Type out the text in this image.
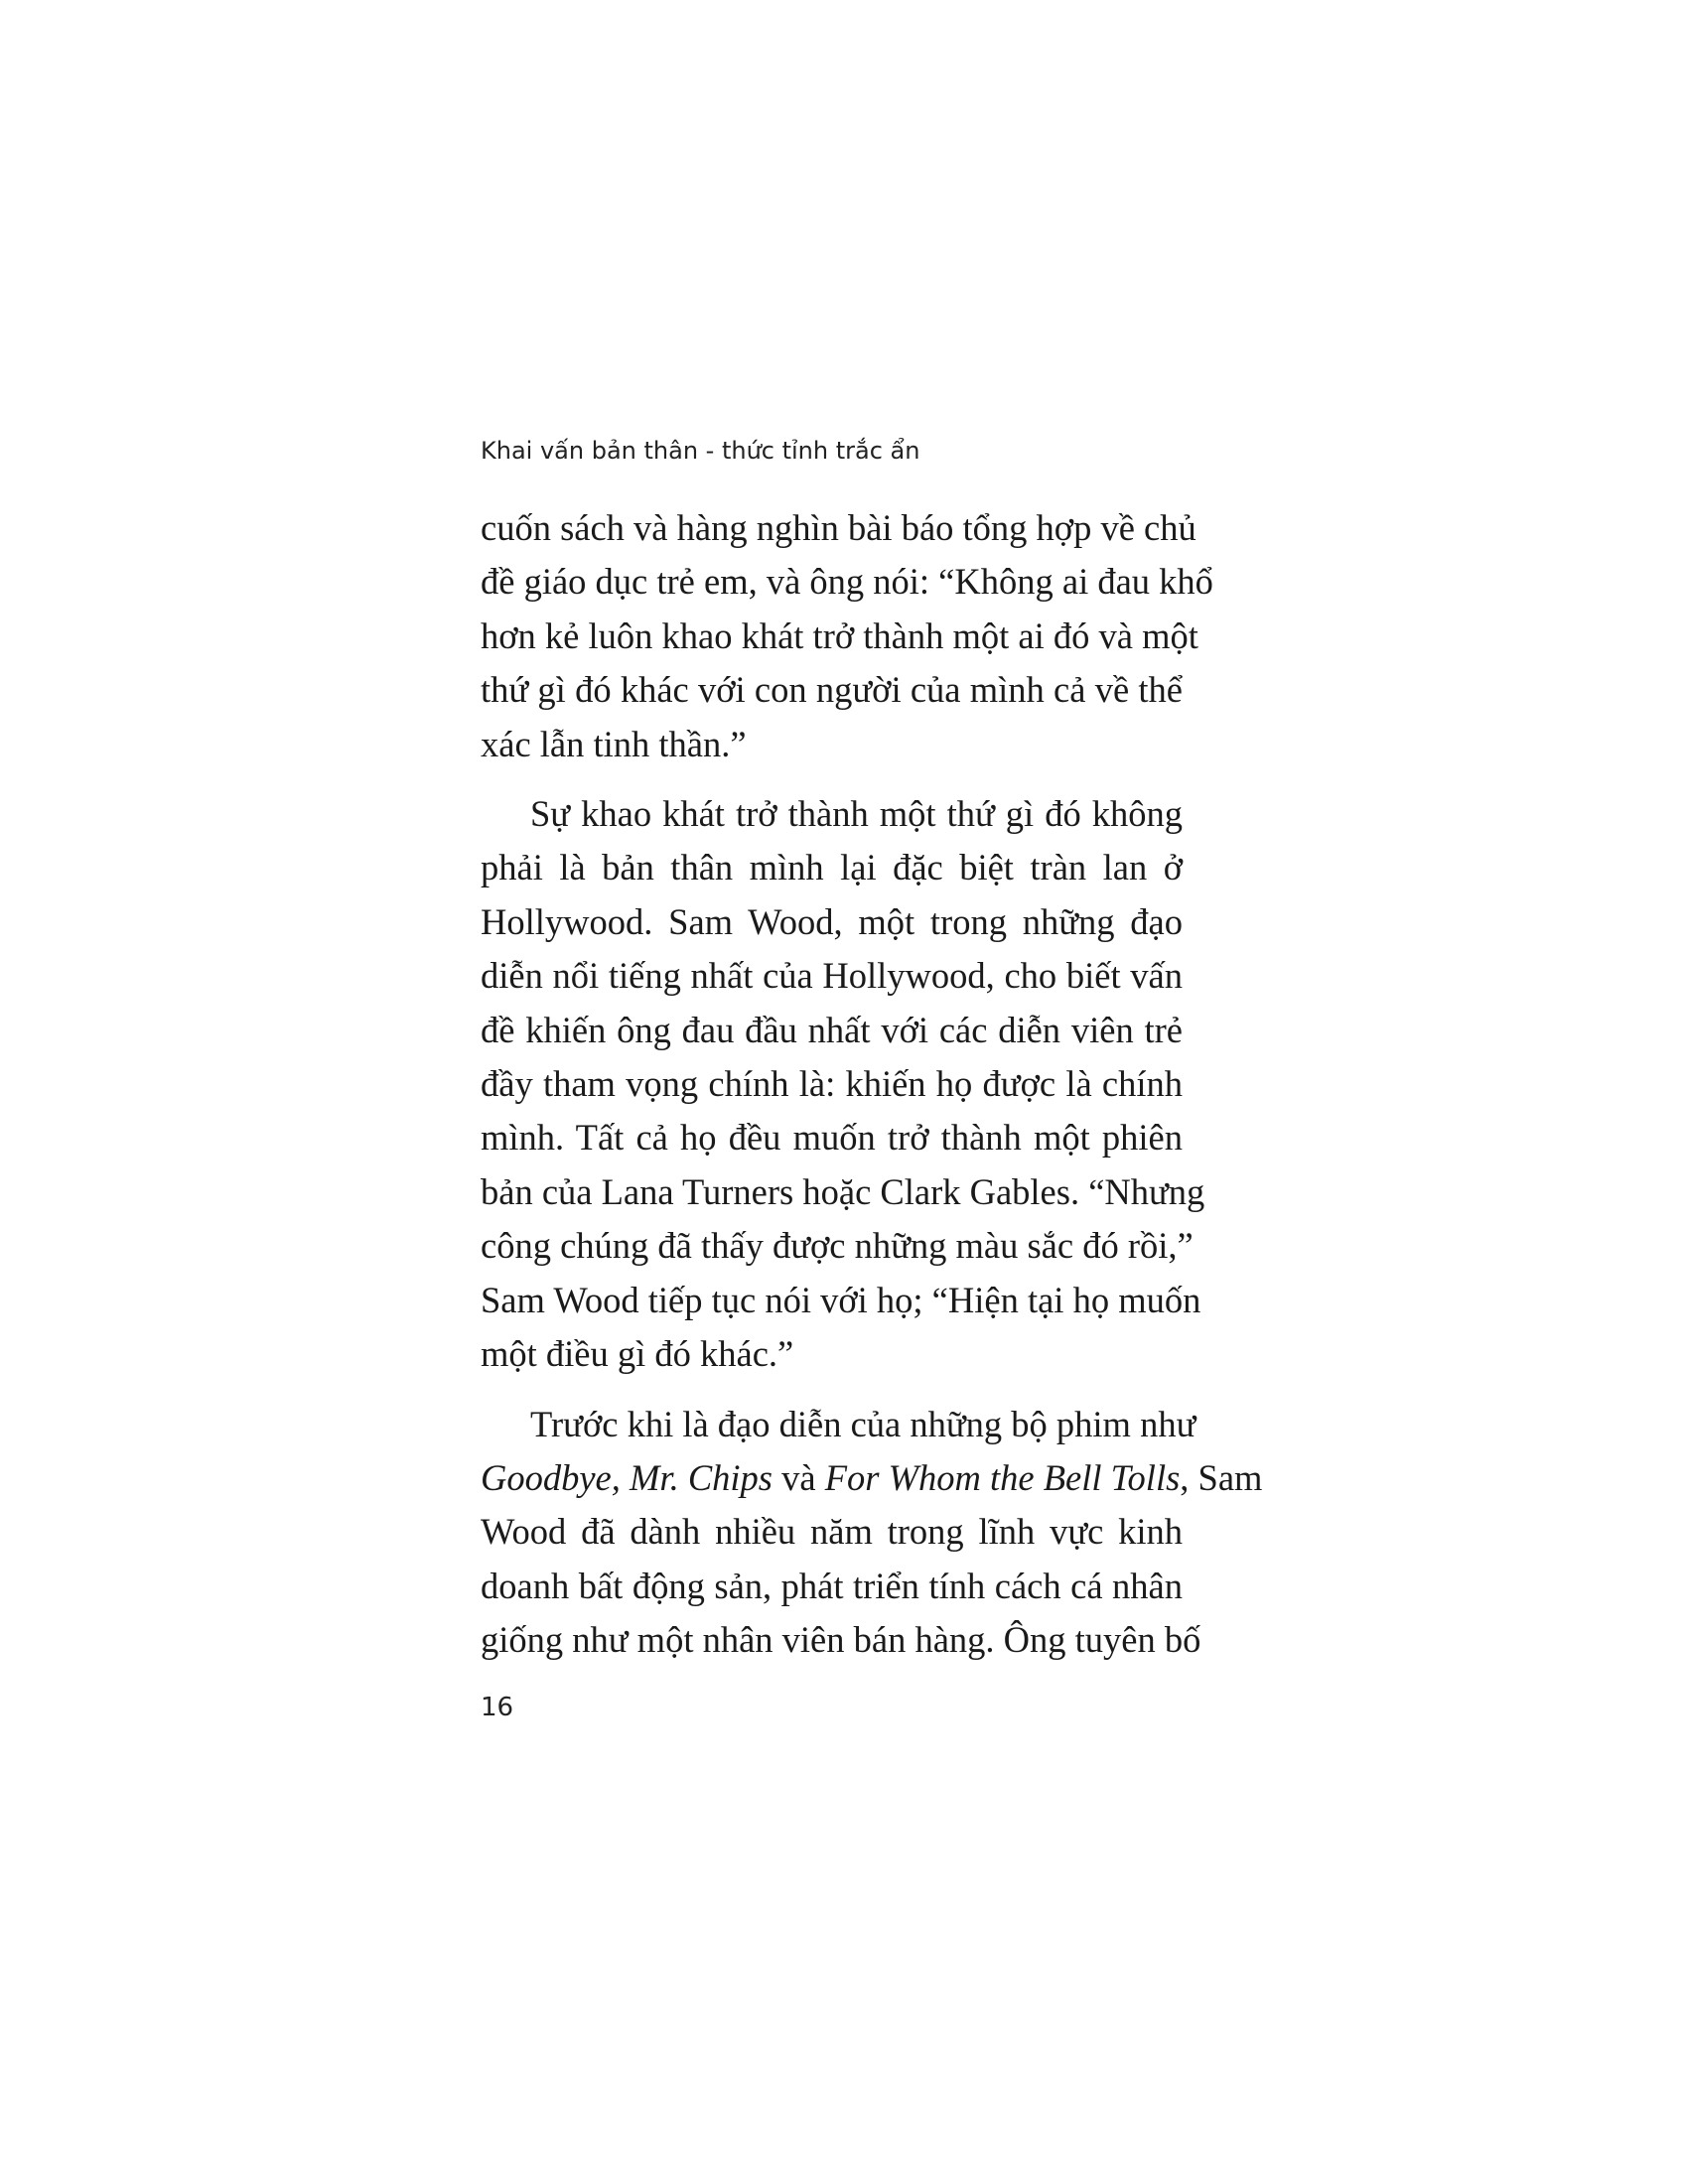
Khai vấn bản thân - thức tỉnh trắc ẩn

cuốn sách và hàng nghìn bài báo tổng hợp về chủ
đề giáo dục trẻ em, và ông nói: “Không ai đau khổ
hơn kẻ luôn khao khát trở thành một ai đó và một
thứ gì đó khác với con người của mình cả về thể
xác lẫn tinh thần.”

Sự khao khát trở thành một thứ gì đó không
phải là bản thân mình lại đặc biệt tràn lan ở
Hollywood. Sam Wood, một trong những đạo
diễn nổi tiếng nhất của Hollywood, cho biết vấn
đề khiến ông đau đầu nhất với các diễn viên trẻ
đầy tham vọng chính là: khiến họ được là chính
mình. Tất cả họ đều muốn trở thành một phiên
bản của Lana Turners hoặc Clark Gables. “Nhưng
công chúng đã thấy được những màu sắc đó rồi,”
Sam Wood tiếp tục nói với họ; “Hiện tại họ muốn
một điều gì đó khác.”

Trước khi là đạo diễn của những bộ phim như
Goodbye, Mr. Chips và For Whom the Bell Tolls, Sam
Wood đã dành nhiều năm trong lĩnh vực kinh
doanh bất động sản, phát triển tính cách cá nhân
giống như một nhân viên bán hàng. Ông tuyên bố

16
